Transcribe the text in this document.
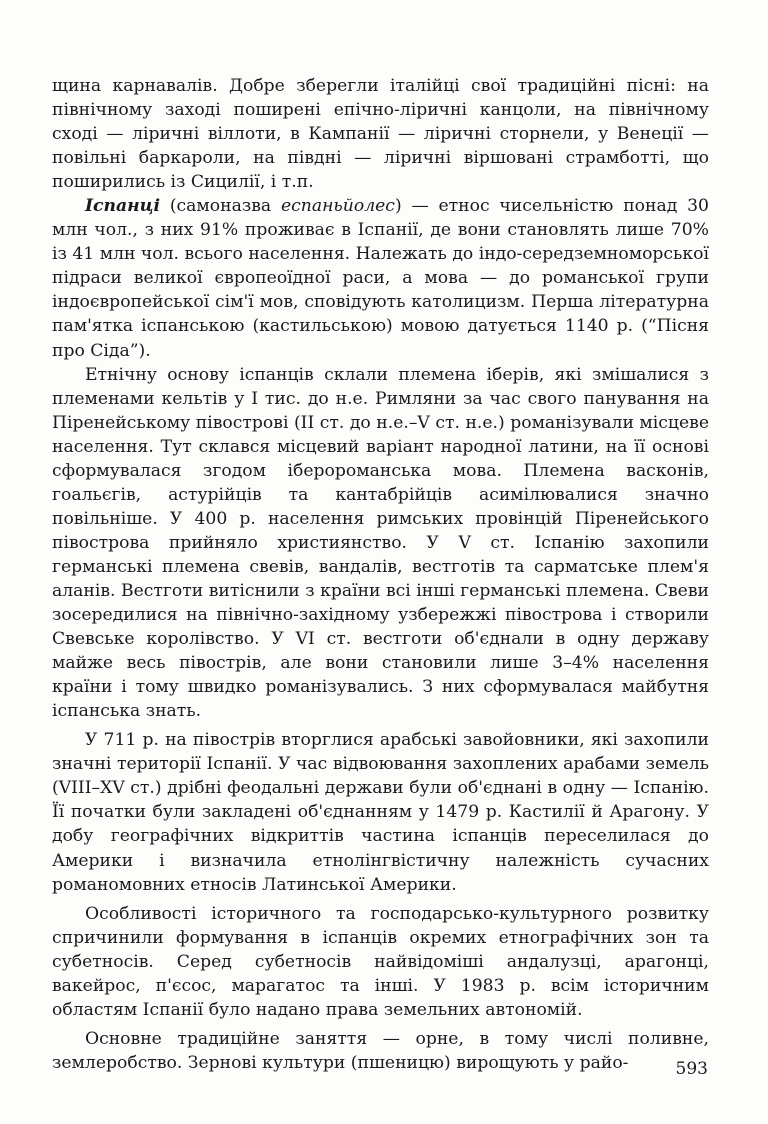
щина карнавалів. Добре зберегли італійці свої традиційні пісні: на північному заході поширені епічно-ліричні канцоли, на північному сході — ліричні віллоти, в Кампанії — ліричні сторнели, у Венеції — повільні баркароли, на півдні — ліричні віршовані страмботті, що поширились із Сицилії, і т.п.

Іспанці (самоназва еспаньйолес) — етнос чисельністю понад 30 млн чол., з них 91% проживає в Іспанії, де вони становлять лише 70% із 41 млн чол. всього населення. Належать до індо-середземноморської підраси великої європеоїдної раси, а мова — до романської групи індоєвропейської сім'ї мов, сповідують католицизм. Перша літературна пам'ятка іспанською (кастильською) мовою датується 1140 р. (“Пісня про Сіда”).

Етнічну основу іспанців склали племена іберів, які змішалися з племенами кельтів у І тис. до н.е. Римляни за час свого панування на Піренейському півострові (ІІ ст. до н.е.–V ст. н.е.) романізували місцеве населення. Тут склався місцевий варіант народної латини, на її основі сформувалася згодом іберороманська мова. Племена васконів, гоальєгів, астурійців та кантабрійців асимілювалися значно повільніше. У 400 р. населення римських провінцій Піренейського півострова прийняло християнство. У V ст. Іспанію захопили германські племена свевів, вандалів, вестготів та сарматське плем'я аланів. Вестготи витіснили з країни всі інші германські племена. Свеви зосередилися на північно-західному узбережжі півострова і створили Свевське королівство. У VI ст. вестготи об'єднали в одну державу майже весь півострів, але вони становили лише 3–4% населення країни і тому швидко романізувались. З них сформувалася майбутня іспанська знать.

У 711 р. на півострів вторглися арабські завойовники, які захопили значні території Іспанії. У час відвоювання захоплених арабами земель (VIII–XV ст.) дрібні феодальні держави були об'єднані в одну — Іспанію. Її початки були закладені об'єднанням у 1479 р. Кастилії й Арагону. У добу географічних відкриттів частина іспанців переселилася до Америки і визначила етнолінгвістичну належність сучасних романомовних етносів Латинської Америки.

Особливості історичного та господарсько-культурного розвитку спричинили формування в іспанців окремих етнографічних зон та субетносів. Серед субетносів найвідоміші андалузці, арагонці, вакейрос, п'єсос, марагатос та інші. У 1983 р. всім історичним областям Іспанії було надано права земельних автономій.

Основне традиційне заняття — орне, в тому числі поливне, землеробство. Зернові культури (пшеницю) вирощують у райо-	593
